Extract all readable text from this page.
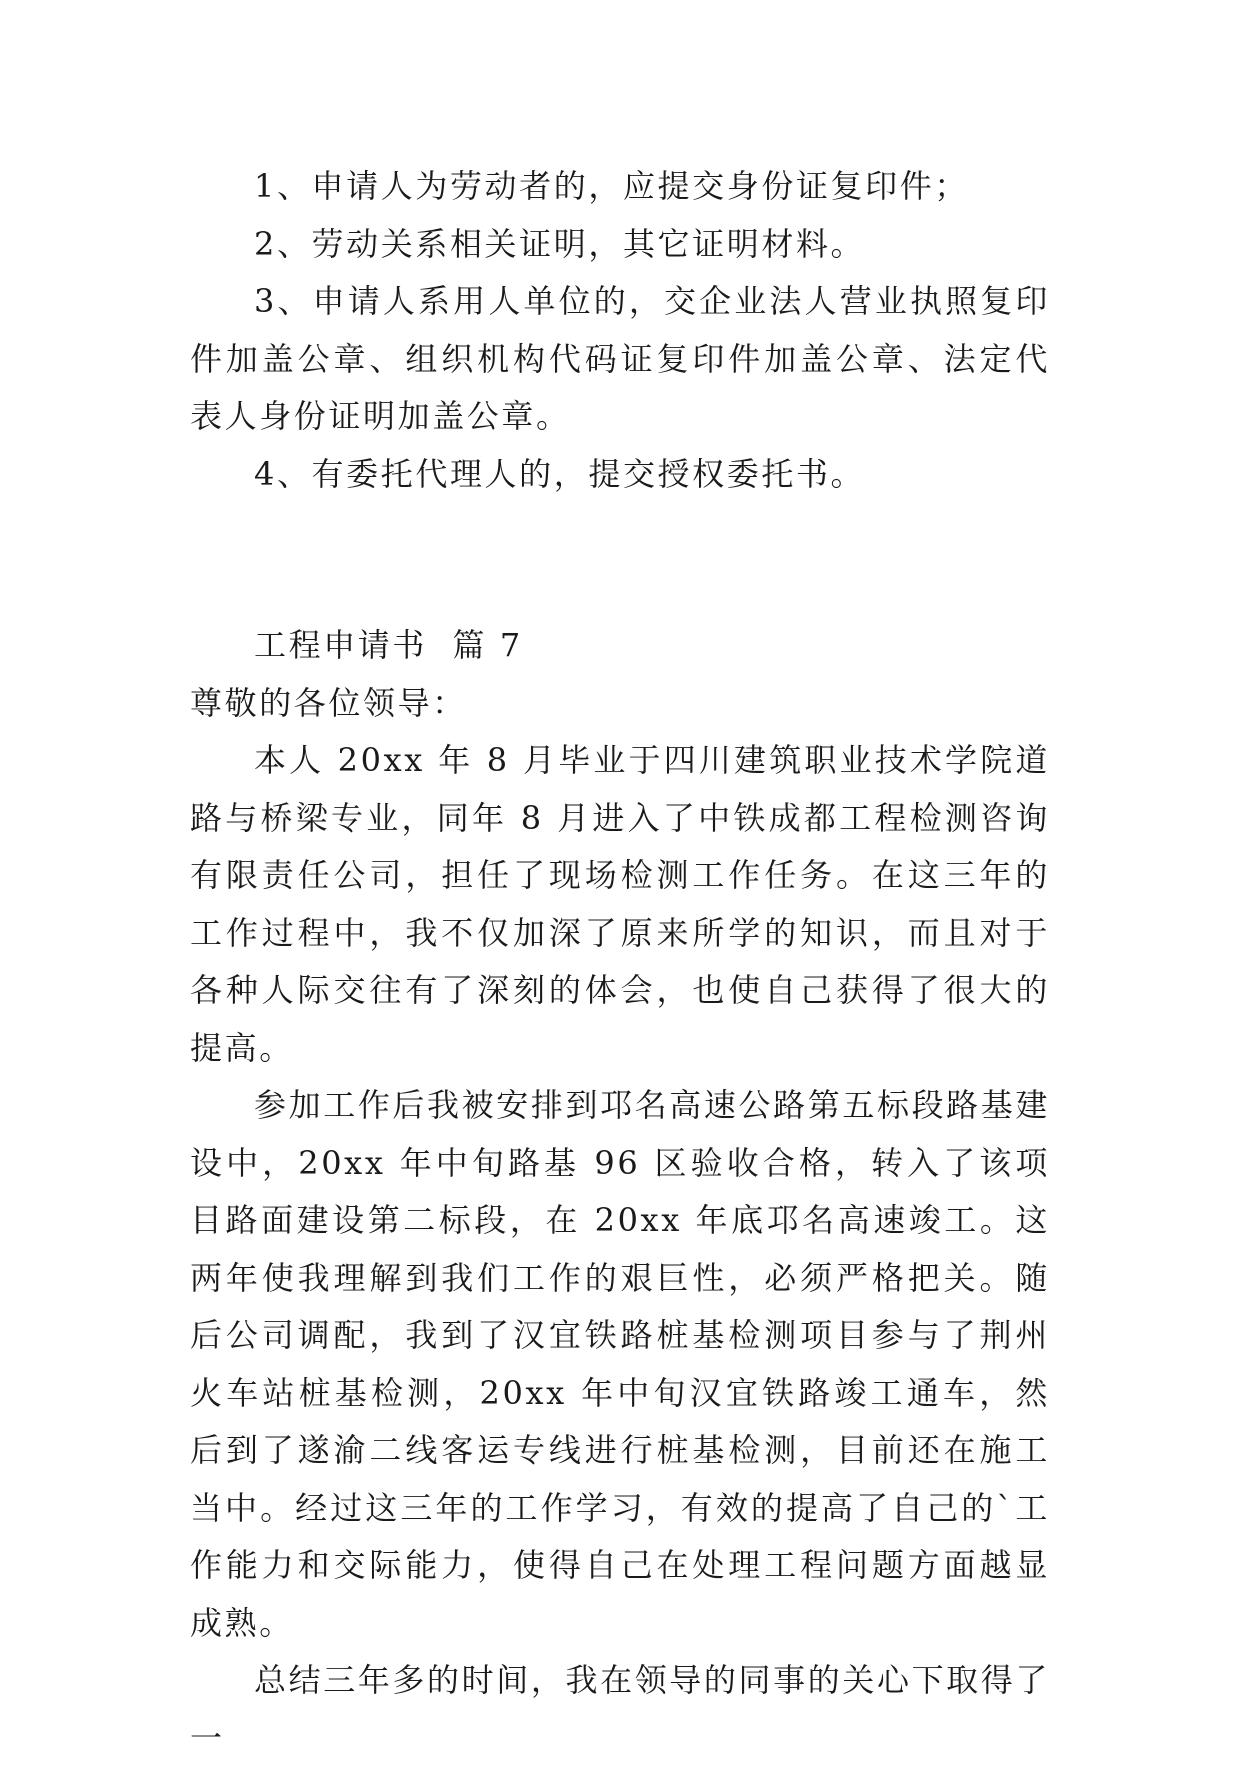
1、申请人为劳动者的，应提交身份证复印件；

2、劳动关系相关证明，其它证明材料。

3、申请人系用人单位的，交企业法人营业执照复印件加盖公章、组织机构代码证复印件加盖公章、法定代表人身份证明加盖公章。

4、有委托代理人的，提交授权委托书。

工程申请书  篇 7

尊敬的各位领导：

本人 20xx 年 8 月毕业于四川建筑职业技术学院道路与桥梁专业，同年 8 月进入了中铁成都工程检测咨询有限责任公司，担任了现场检测工作任务。在这三年的工作过程中，我不仅加深了原来所学的知识，而且对于各种人际交往有了深刻的体会，也使自己获得了很大的提高。

参加工作后我被安排到邛名高速公路第五标段路基建设中，20xx 年中旬路基 96 区验收合格，转入了该项目路面建设第二标段，在 20xx 年底邛名高速竣工。这两年使我理解到我们工作的艰巨性，必须严格把关。随后公司调配，我到了汉宜铁路桩基检测项目参与了荆州火车站桩基检测，20xx 年中旬汉宜铁路竣工通车，然后到了遂渝二线客运专线进行桩基检测，目前还在施工当中。经过这三年的工作学习，有效的提高了自己的`工作能力和交际能力，使得自己在处理工程问题方面越显成熟。

总结三年多的时间，我在领导的同事的关心下取得了一
